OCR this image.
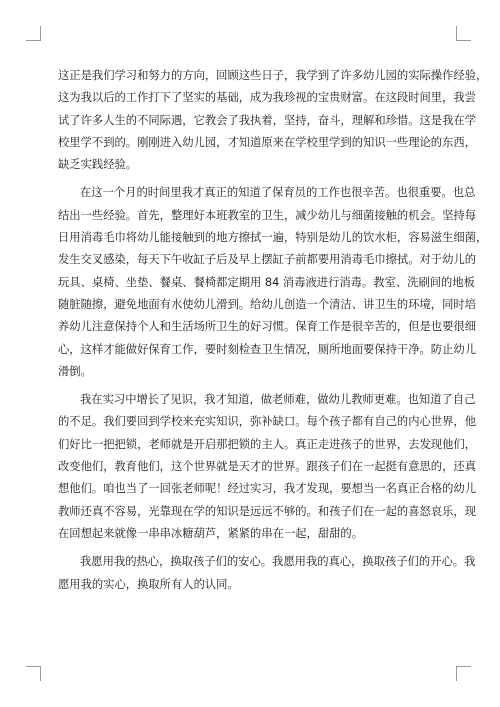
这正是我们学习和努力的方向，回顾这些日子，我学到了许多幼儿园的实际操作经验，
这为我以后的工作打下了坚实的基础，成为我珍视的宝贵财富。在这段时间里，我尝
试了许多人生的不同际遇，它教会了我执着，坚持，奋斗，理解和珍惜。这是我在学
校里学不到的。刚刚进入幼儿园，才知道原来在学校里学到的知识一些理论的东西，
缺乏实践经验。
在这一个月的时间里我才真正的知道了保育员的工作也很辛苦。也很重要。也总
结出一些经验。首先，整理好本班教室的卫生，减少幼儿与细菌接触的机会。坚持每
日用消毒毛巾将幼儿能接触到的地方擦拭一遍，特别是幼儿的饮水柜，容易滋生细菌，
发生交叉感染，每天下午收缸子后及早上摆缸子前都要用消毒毛巾擦拭。对于幼儿的
玩具、桌椅、坐垫、餐桌、餐椅都定期用 84 消毒液进行消毒。教室、洗刷间的地板
随脏随擦，避免地面有水使幼儿滑到。给幼儿创造一个清洁、讲卫生的环境，同时培
养幼儿注意保持个人和生活场所卫生的好习惯。保育工作是很辛苦的，但是也要很细
心，这样才能做好保育工作，要时刻检查卫生情况，厕所地面要保持干净。防止幼儿
滑倒。
我在实习中增长了见识，我才知道，做老师难，做幼儿教师更难。也知道了自己
的不足。我们要回到学校来充实知识，弥补缺口。每个孩子都有自己的内心世界，他
们好比一把把锁，老师就是开启那把锁的主人。真正走进孩子的世界，去发现他们，
改变他们，教育他们，这个世界就是天才的世界。跟孩子们在一起挺有意思的，还真
想他们。咱也当了一回张老师呢！经过实习，我才发现，要想当一名真正合格的幼儿
教师还真不容易，光靠现在学的知识是远远不够的。和孩子们在一起的喜怒哀乐，现
在回想起来就像一串串冰糖葫芦，紧紧的串在一起，甜甜的。
我愿用我的热心，换取孩子们的安心。我愿用我的真心，换取孩子们的开心。我
愿用我的实心，换取所有人的认同。
